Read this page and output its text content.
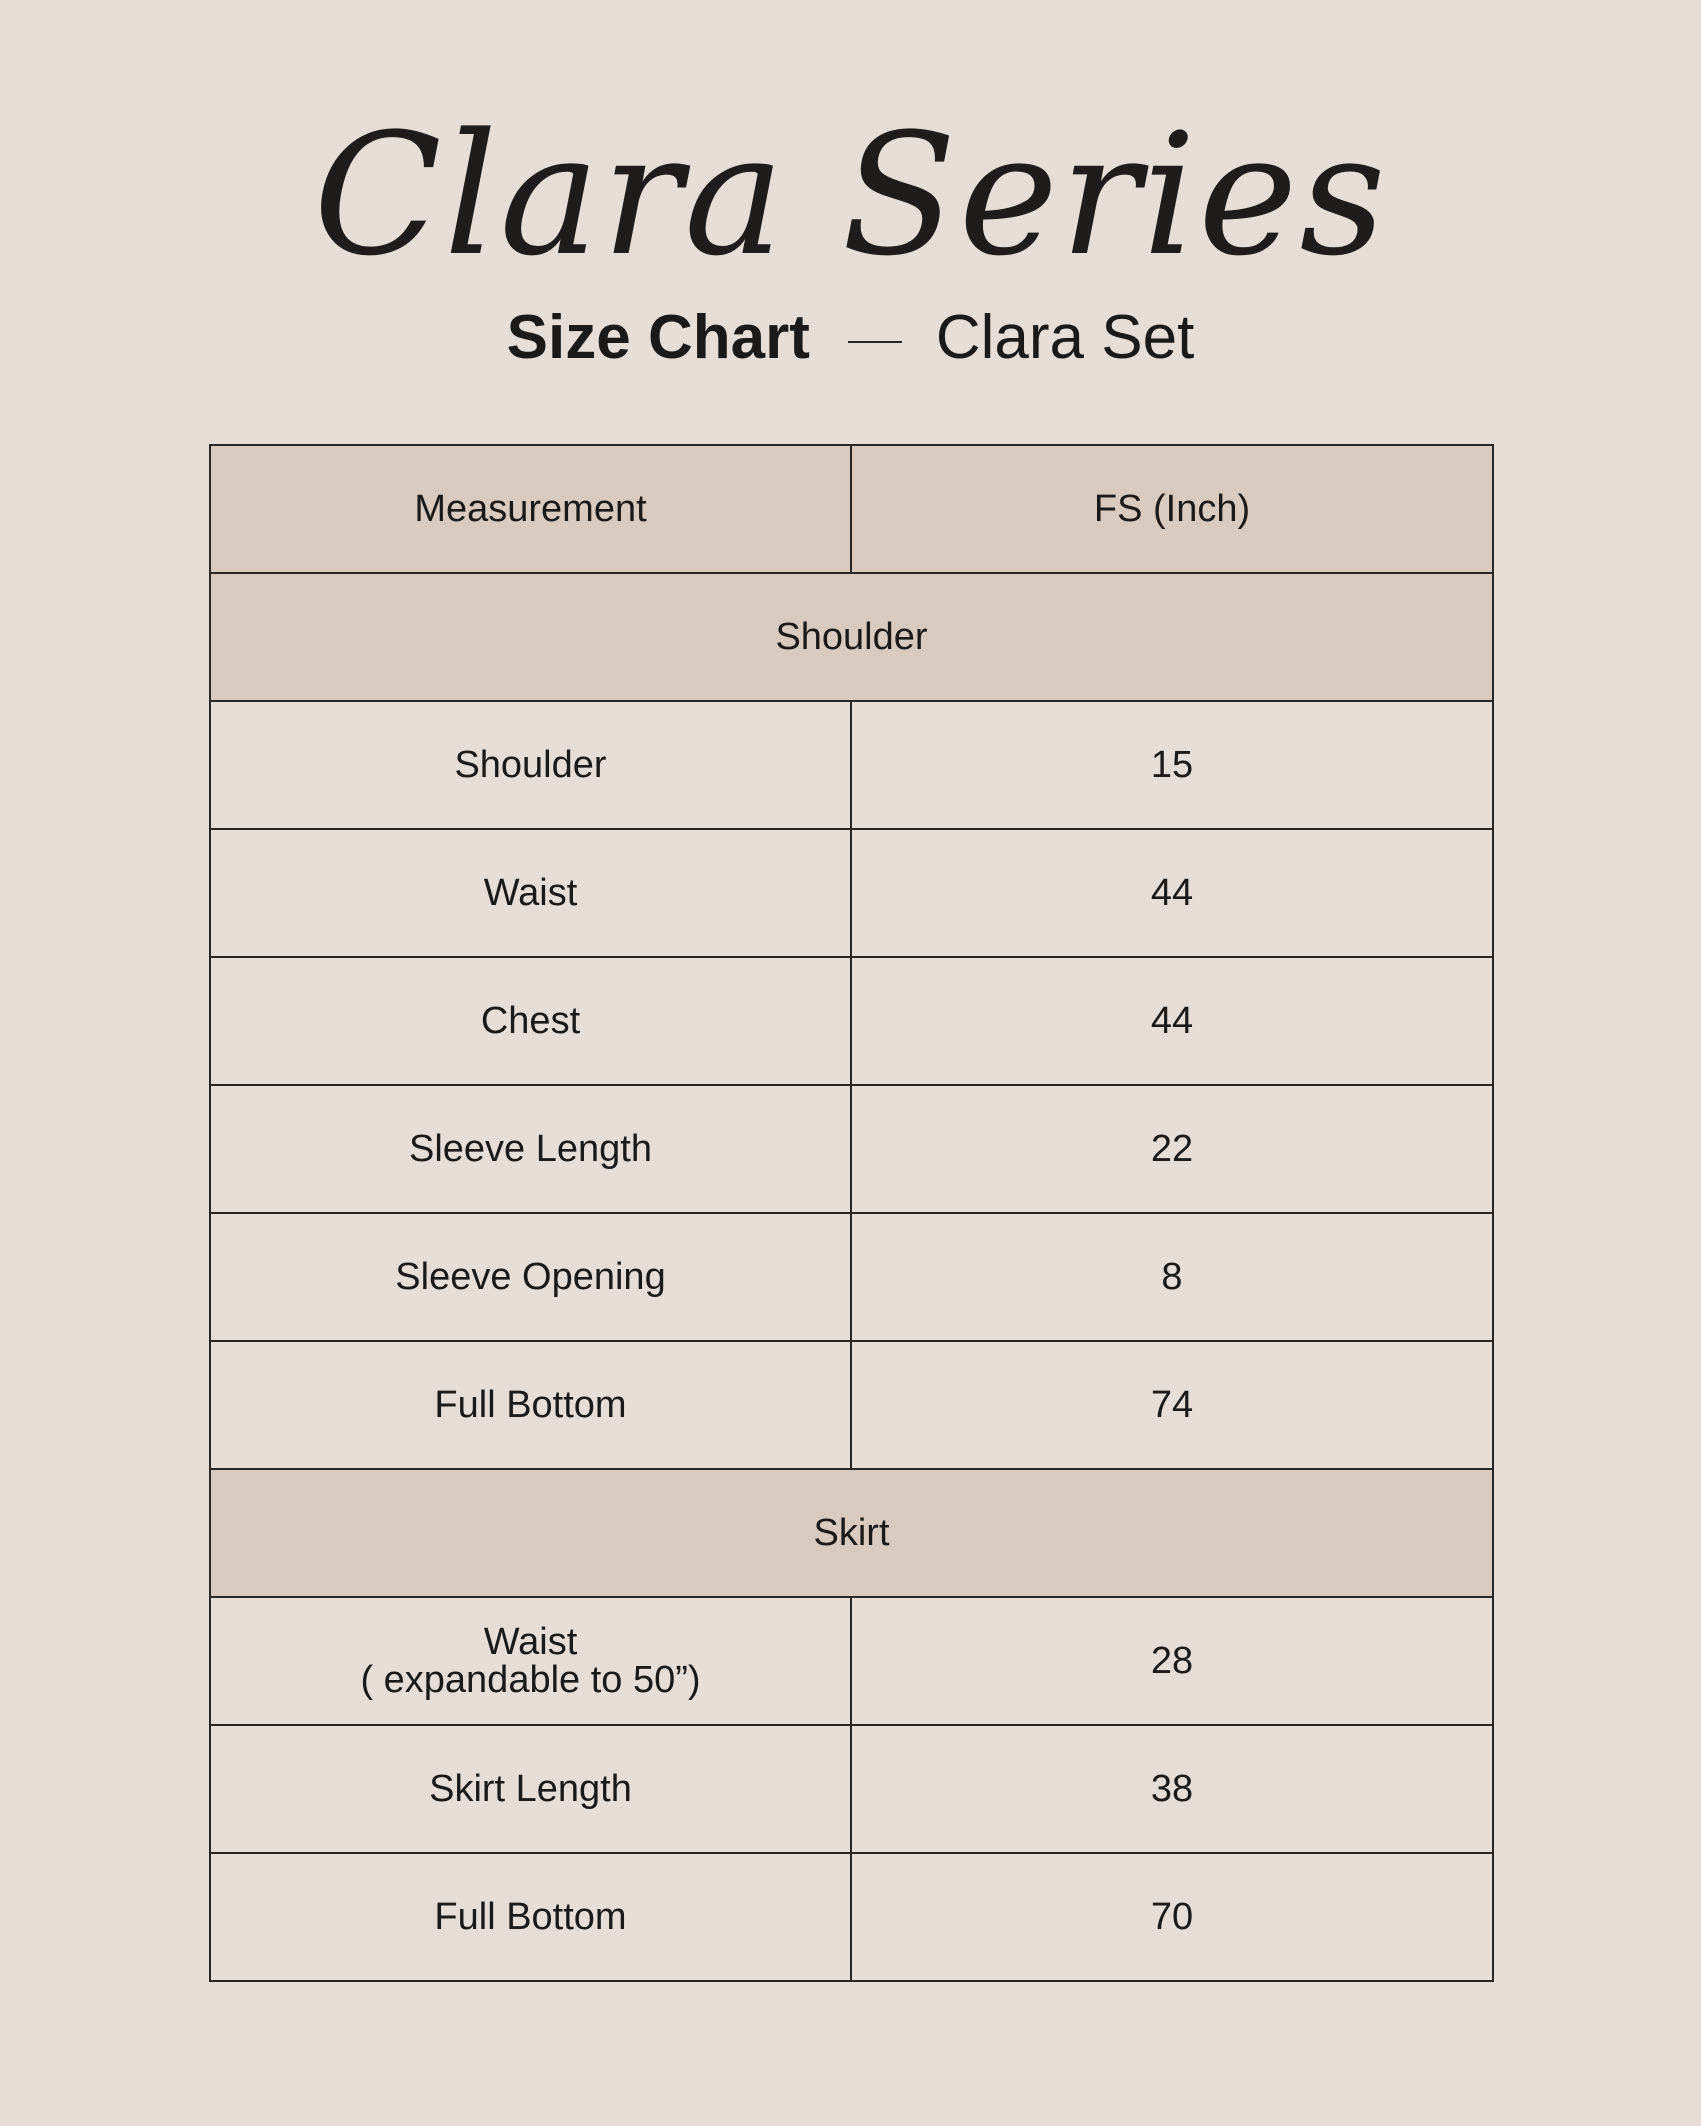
Clara Series
Size Chart Clara Set
Measurement	FS (Inch)
Shoulder	
Shoulder	15
Waist	44
Chest	44
Sleeve Length	22
Sleeve Opening	8
Full Bottom	74
Skirt	

Waist
( expandable to 50”)	28
Skirt Length	38
Full Bottom	70
